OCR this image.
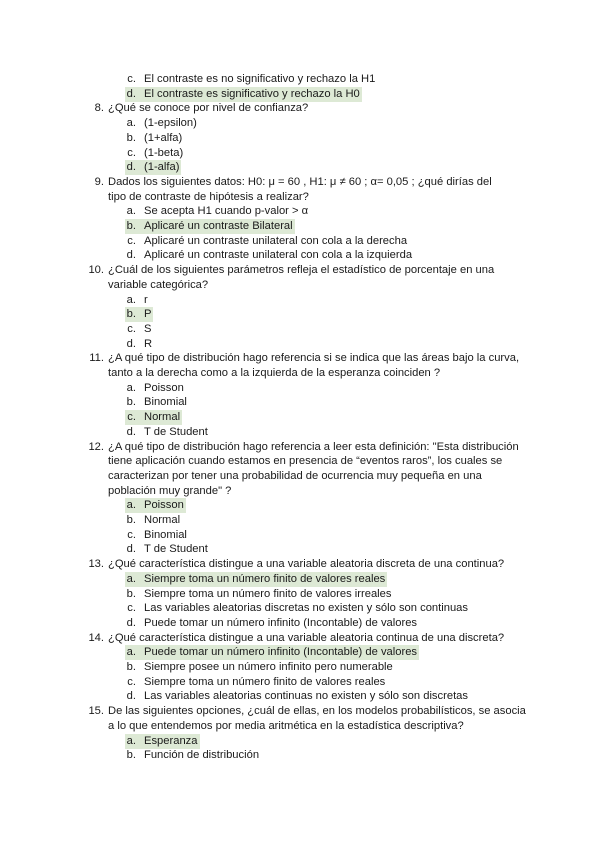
c. El contraste es no significativo y rechazo la H1
d. El contraste es significativo y rechazo la H0
8. ¿Qué se conoce por nivel de confianza?
a. (1-epsilon)
b. (1+alfa)
c. (1-beta)
d. (1-alfa)
9. Dados los siguientes datos: H0: μ = 60 , H1: μ ≠ 60 ; α= 0,05 ; ¿qué dirías del
tipo de contraste de hipótesis a realizar?
a. Se acepta H1 cuando p-valor > α
b. Aplicaré un contraste Bilateral
c. Aplicaré un contraste unilateral con cola a la derecha
d. Aplicaré un contraste unilateral con cola a la izquierda
10. ¿Cuál de los siguientes parámetros refleja el estadístico de porcentaje en una
variable categórica?
a. r
b. P
c. S
d. R
11. ¿A qué tipo de distribución hago referencia si se indica que las áreas bajo la curva,
tanto a la derecha como a la izquierda de la esperanza coinciden ?
a. Poisson
b. Binomial
c. Normal
d. T de Student
12. ¿A qué tipo de distribución hago referencia a leer esta definición: "Esta distribución
tiene aplicación cuando estamos en presencia de “eventos raros”, los cuales se
caracterizan por tener una probabilidad de ocurrencia muy pequeña en una
población muy grande" ?
a. Poisson
b. Normal
c. Binomial
d. T de Student
13. ¿Qué característica distingue a una variable aleatoria discreta de una continua?
a. Siempre toma un número finito de valores reales
b. Siempre toma un número finito de valores irreales
c. Las variables aleatorias discretas no existen y sólo son continuas
d. Puede tomar un número infinito (Incontable) de valores
14. ¿Qué característica distingue a una variable aleatoria continua de una discreta?
a. Puede tomar un número infinito (Incontable) de valores
b. Siempre posee un número infinito pero numerable
c. Siempre toma un número finito de valores reales
d. Las variables aleatorias continuas no existen y sólo son discretas
15. De las siguientes opciones, ¿cuál de ellas, en los modelos probabilísticos, se asocia
a lo que entendemos por media aritmética en la estadística descriptiva?
a. Esperanza
b. Función de distribución
